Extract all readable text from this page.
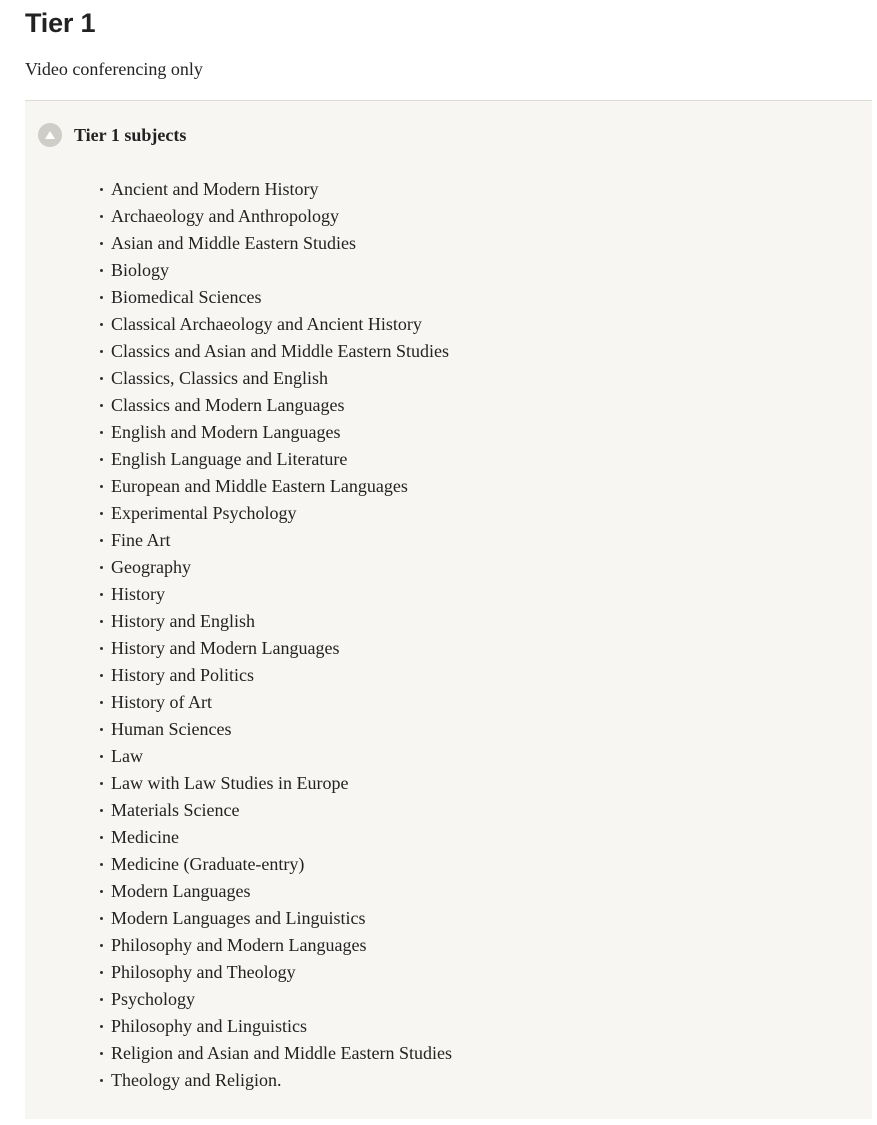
Tier 1

Video conferencing only

Tier 1 subjects
Ancient and Modern History
Archaeology and Anthropology
Asian and Middle Eastern Studies
Biology
Biomedical Sciences
Classical Archaeology and Ancient History
Classics and Asian and Middle Eastern Studies
Classics, Classics and English
Classics and Modern Languages
English and Modern Languages
English Language and Literature
European and Middle Eastern Languages
Experimental Psychology
Fine Art
Geography
History
History and English
History and Modern Languages
History and Politics
History of Art
Human Sciences
Law
Law with Law Studies in Europe
Materials Science
Medicine
Medicine (Graduate-entry)
Modern Languages
Modern Languages and Linguistics
Philosophy and Modern Languages
Philosophy and Theology
Psychology
Philosophy and Linguistics
Religion and Asian and Middle Eastern Studies
Theology and Religion.
